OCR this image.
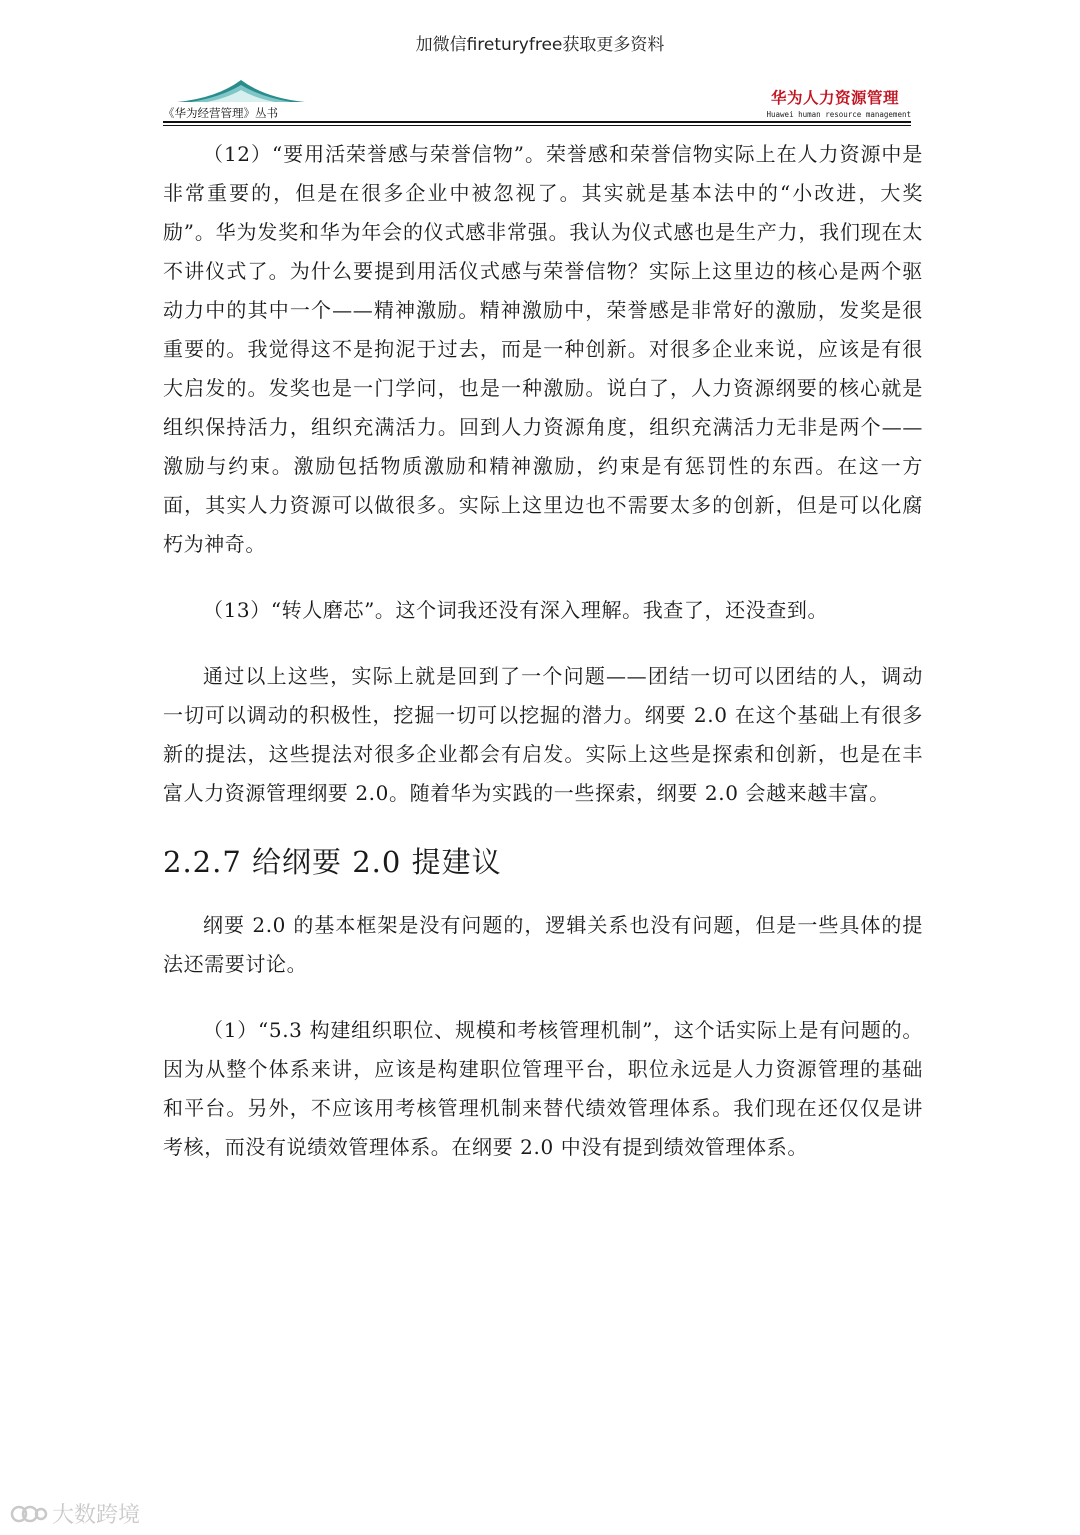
加微信fireturyfree获取更多资料
《华为经营管理》丛书
华为人力资源管理
Huawei human resource management

（12）“要用活荣誉感与荣誉信物”。荣誉感和荣誉信物实际上在人力资源中是非常重要的，但是在很多企业中被忽视了。其实就是基本法中的“小改进，大奖励”。华为发奖和华为年会的仪式感非常强。我认为仪式感也是生产力，我们现在太不讲仪式了。为什么要提到用活仪式感与荣誉信物？实际上这里边的核心是两个驱动力中的其中一个——精神激励。精神激励中，荣誉感是非常好的激励，发奖是很重要的。我觉得这不是拘泥于过去，而是一种创新。对很多企业来说，应该是有很大启发的。发奖也是一门学问，也是一种激励。说白了，人力资源纲要的核心就是组织保持活力，组织充满活力。回到人力资源角度，组织充满活力无非是两个——激励与约束。激励包括物质激励和精神激励，约束是有惩罚性的东西。在这一方面，其实人力资源可以做很多。实际上这里边也不需要太多的创新，但是可以化腐朽为神奇。

（13）“转人磨芯”。这个词我还没有深入理解。我查了，还没查到。

通过以上这些，实际上就是回到了一个问题——团结一切可以团结的人，调动一切可以调动的积极性，挖掘一切可以挖掘的潜力。纲要 2.0 在这个基础上有很多新的提法，这些提法对很多企业都会有启发。实际上这些是探索和创新，也是在丰富人力资源管理纲要 2.0。随着华为实践的一些探索，纲要 2.0 会越来越丰富。

2.2.7 给纲要 2.0 提建议

纲要 2.0 的基本框架是没有问题的，逻辑关系也没有问题，但是一些具体的提法还需要讨论。

（1）“5.3 构建组织职位、规模和考核管理机制”，这个话实际上是有问题的。因为从整个体系来讲，应该是构建职位管理平台，职位永远是人力资源管理的基础和平台。另外，不应该用考核管理机制来替代绩效管理体系。我们现在还仅仅是讲考核，而没有说绩效管理体系。在纲要 2.0 中没有提到绩效管理体系。

大数跨境
